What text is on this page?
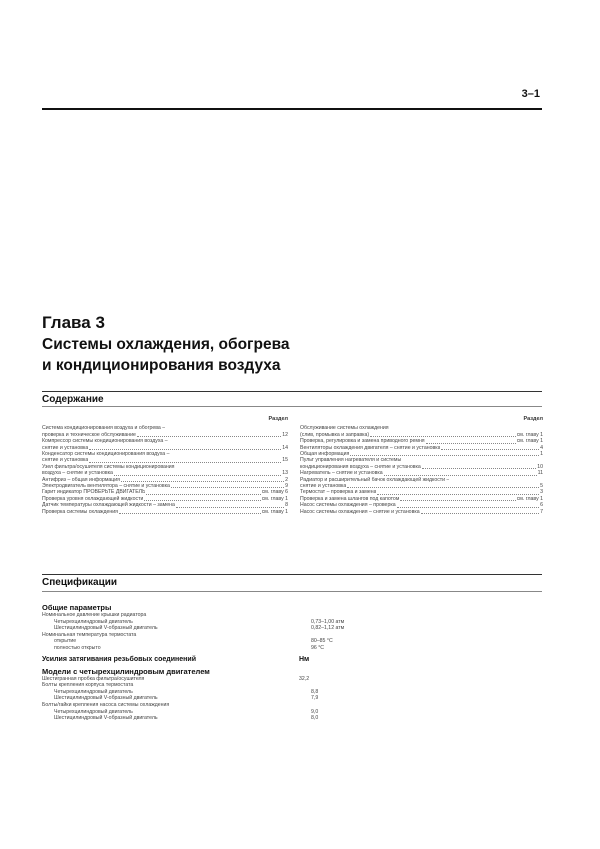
3–1
Глава 3
Системы охлаждения, обогрева
и кондиционирования воздуха
Содержание
Раздел
Система кондиционирования воздуха и обогрева –
проверка и техническое обслуживание	12
Компрессор системы кондиционирования воздуха –
снятие и установка	14
Конденсатор системы кондиционирования воздуха –
снятие и установка	15
Узел фильтра/осушителя системы кондиционирования
воздуха – снятие и установка	13
Антифриз – общая информация	2
Электродвигатель вентилятора – снятие и установка	9
Гарит индикатор ПРОВЕРЬТЕ ДВИГАТЕЛЬ	см. главу 6
Проверка уровня охлаждающей жидкости	см. главу 1
Датчик температуры охлаждающей жидкости – замена	8
Проверка системы охлаждения	см. главу 1
Раздел
Обслуживание системы охлаждения
(слив, промывка и заправка)	см. главу 1
Проверка, регулировка и замена приводного ремня	см. главу 1
Вентиляторы охлаждения двигателя – снятие и установка	4
Общая информация	1
Пульт управления нагревателя и системы
кондиционирования воздуха – снятие и установка	10
Нагреватель – снятие и установка	11
Радиатор и расширительный бачок охлаждающей жидкости –
снятие и установка	5
Термостат – проверка и замена	3
Проверка и замена шлангов под капотом	см. главу 1
Насос системы охлаждения – проверка	6
Насос системы охлаждения – снятие и установка	7
Спецификации
Общие параметры
Номинальное давление крышки радиатора
Четырехцилиндровый двигатель	0,73–1,00 атм
Шестицилиндровый V-образный двигатель	0,82–1,12 атм
Номинальная температура термостата
открытие	80–85 °С
полностью открыто	96 °С
Усилия затягивания резьбовых соединений	Нм
Модели с четырехцилиндровым двигателем
Шестигранная пробка фильтра/осушителя	32,2
Болты крепления корпуса термостата
Четырехцилиндровый двигатель	8,8
Шестицилиндровый V-образный двигатель	7,9
Болты/гайки крепления насоса системы охлаждения
Четырехцилиндровый двигатель	9,0
Шестицилиндровый V-образный двигатель	8,0
